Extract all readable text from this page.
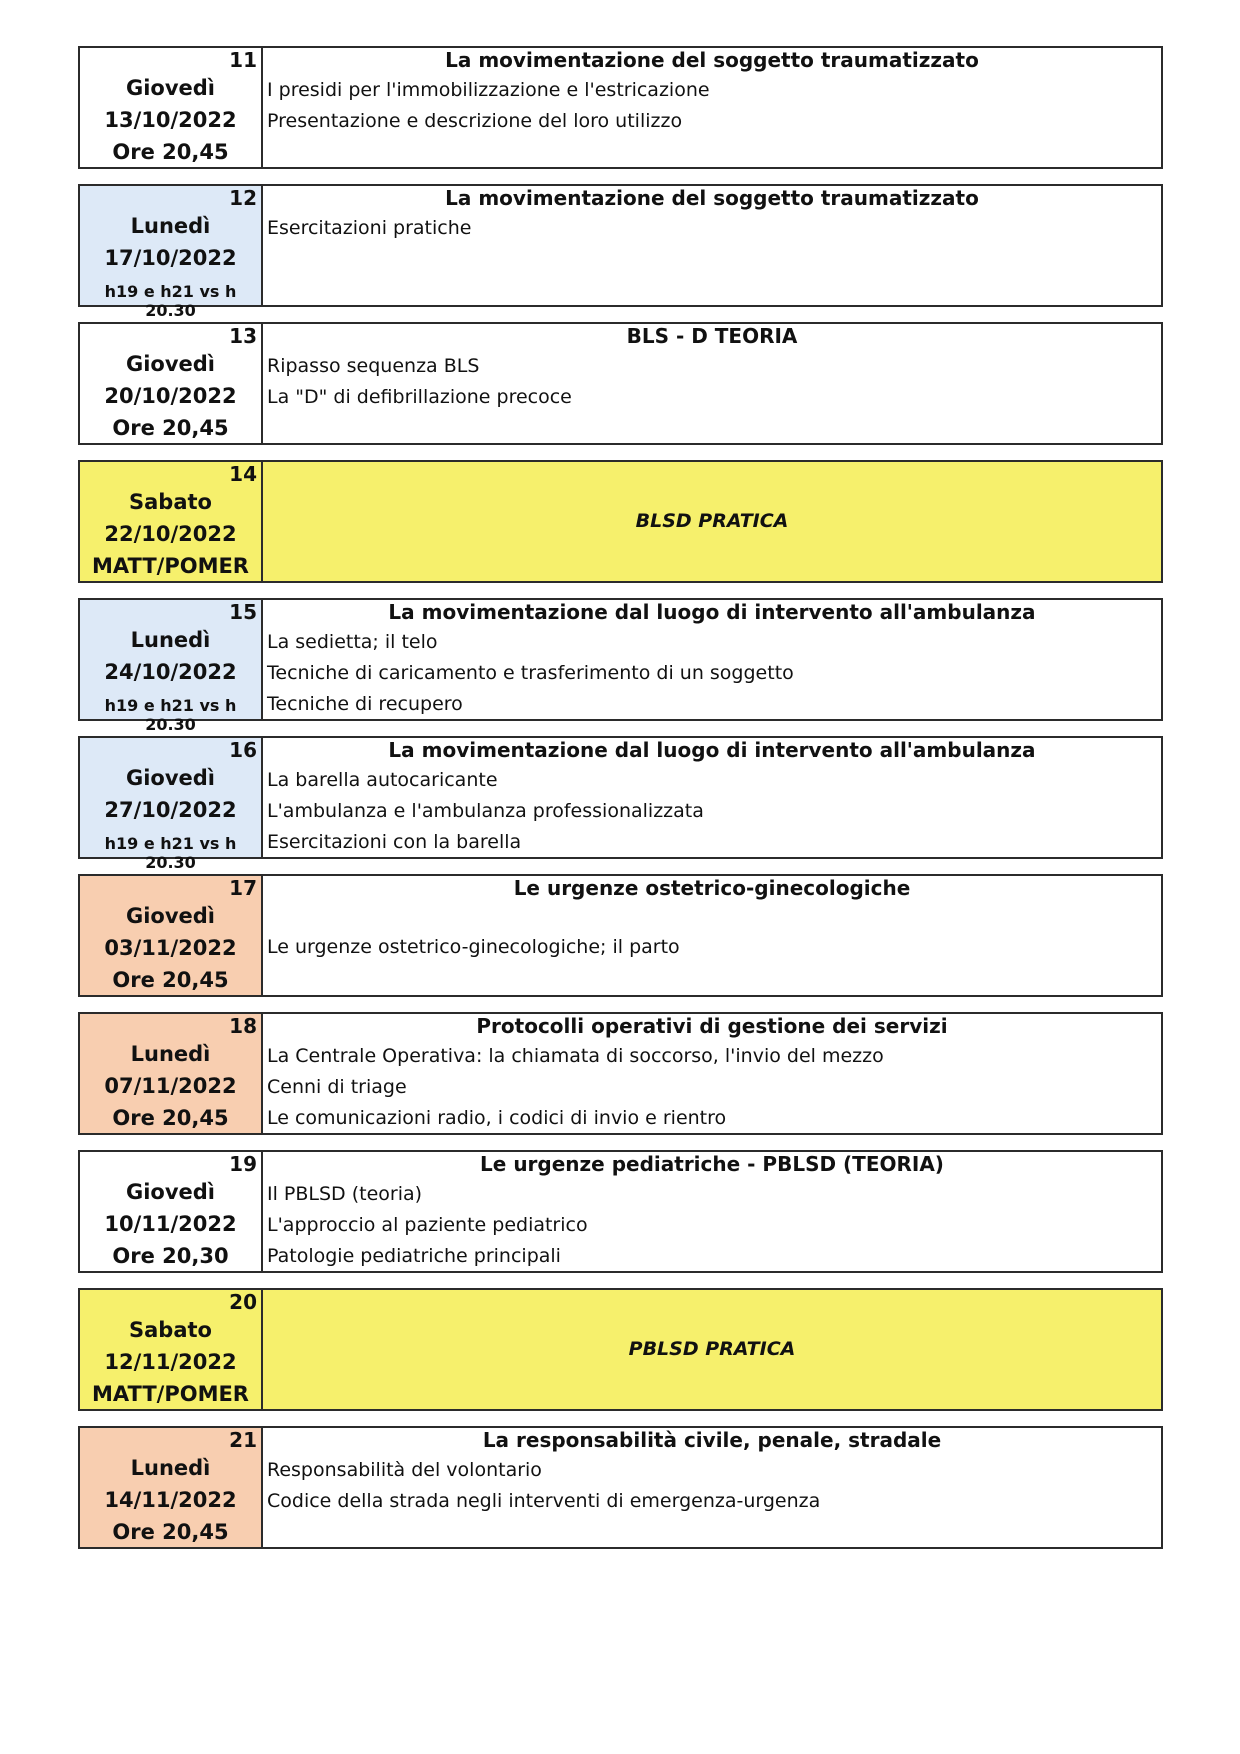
11
Giovedì
13/10/2022
Ore 20,45
La movimentazione del soggetto traumatizzato
I presidi per l'immobilizzazione e l'estricazione
Presentazione e descrizione del loro utilizzo
12
Lunedì
17/10/2022
h19 e h21 vs h 20.30
La movimentazione del soggetto traumatizzato
Esercitazioni pratiche
13
Giovedì
20/10/2022
Ore 20,45
BLS - D TEORIA
Ripasso sequenza BLS
La "D" di defibrillazione precoce
14
Sabato
22/10/2022
MATT/POMER
BLSD PRATICA
15
Lunedì
24/10/2022
h19 e h21 vs h 20.30
La movimentazione dal luogo di intervento all'ambulanza
La sedietta; il telo
Tecniche di caricamento e trasferimento di un soggetto
Tecniche di recupero
16
Giovedì
27/10/2022
h19 e h21 vs h 20.30
La movimentazione dal luogo di intervento all'ambulanza
La barella autocaricante
L'ambulanza e l'ambulanza professionalizzata
Esercitazioni con la barella
17
Giovedì
03/11/2022
Ore 20,45
Le urgenze ostetrico-ginecologiche
Le urgenze ostetrico-ginecologiche; il parto
18
Lunedì
07/11/2022
Ore 20,45
Protocolli operativi di gestione dei servizi
La Centrale Operativa: la chiamata di soccorso, l'invio del mezzo
Cenni di triage
Le comunicazioni radio, i codici di invio e rientro
19
Giovedì
10/11/2022
Ore 20,30
Le urgenze pediatriche - PBLSD (TEORIA)
Il PBLSD (teoria)
L'approccio al paziente pediatrico
Patologie pediatriche principali
20
Sabato
12/11/2022
MATT/POMER
PBLSD PRATICA
21
Lunedì
14/11/2022
Ore 20,45
La responsabilità civile, penale, stradale
Responsabilità del volontario
Codice della strada negli interventi di emergenza-urgenza
